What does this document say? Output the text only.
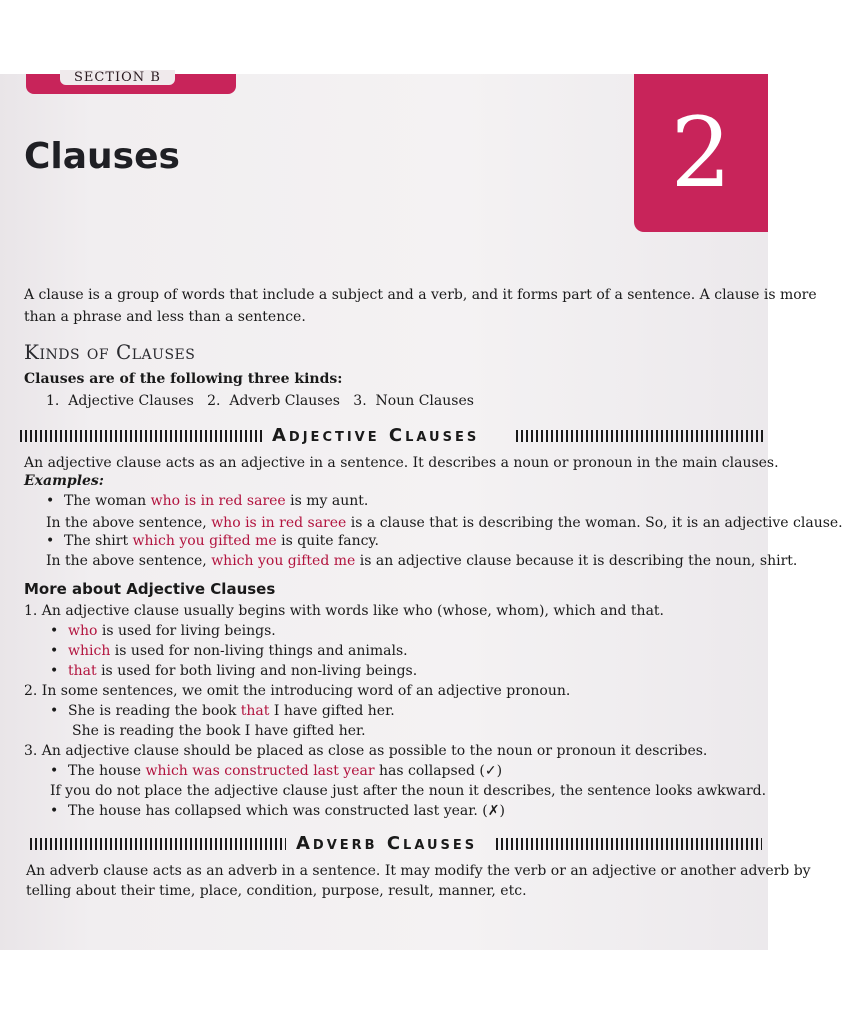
SECTION B
2
Clauses
A clause is a group of words that include a subject and a verb, and it forms part of a sentence. A clause is more
than a phrase and less than a sentence.
Kinds of Clauses
Clauses are of the following three kinds:
1.  Adjective Clauses   2.  Adverb Clauses   3.  Noun Clauses
Adjective Clauses
An adjective clause acts as an adjective in a sentence. It describes a noun or pronoun in the main clauses.
Examples:
• The woman who is in red saree is my aunt.
In the above sentence, who is in red saree is a clause that is describing the woman. So, it is an adjective clause.
• The shirt which you gifted me is quite fancy.
In the above sentence, which you gifted me is an adjective clause because it is describing the noun, shirt.
More about Adjective Clauses
1. An adjective clause usually begins with words like who (whose, whom), which and that.
• who is used for living beings.
• which is used for non-living things and animals.
• that is used for both living and non-living beings.
2. In some sentences, we omit the introducing word of an adjective pronoun.
• She is reading the book that I have gifted her.
She is reading the book I have gifted her.
3. An adjective clause should be placed as close as possible to the noun or pronoun it describes.
• The house which was constructed last year has collapsed (✓)
If you do not place the adjective clause just after the noun it describes, the sentence looks awkward.
• The house has collapsed which was constructed last year. (✗)
Adverb Clauses
An adverb clause acts as an adverb in a sentence. It may modify the verb or an adjective or another adverb by
telling about their time, place, condition, purpose, result, manner, etc.
